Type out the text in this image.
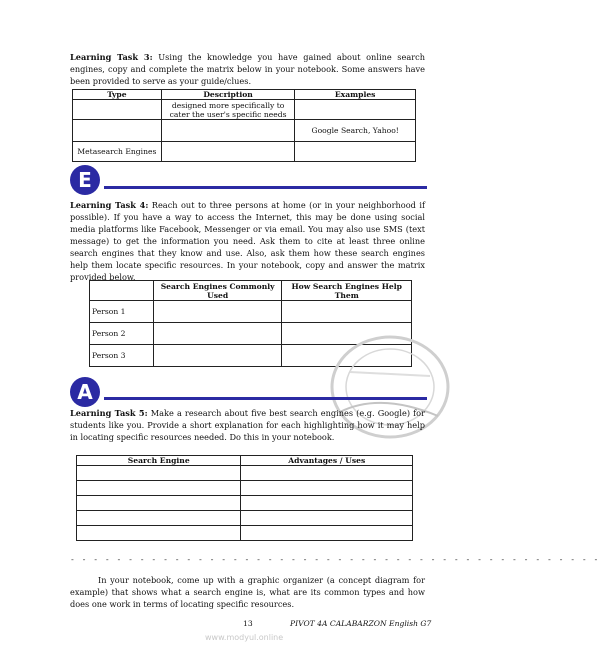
Learning Task 3: Using the knowledge you have gained about online search engines, copy and complete the matrix below in your notebook. Some answers have been provided to serve as your guide/clues.
Type	Description	Examples
	designed more specifically to cater the user's specific needs	
		Google Search, Yahoo!
Metasearch Engines		
E
Learning Task 4: Reach out to three persons at home (or in your neighborhood if possible). If you have a way to access the Internet, this may be done using social media platforms like Facebook, Messenger or via email. You may also use SMS (text message) to get the information you need. Ask them to cite at least three online search engines that they know and use. Also, ask them how these search engines help them locate specific resources. In your notebook, copy and answer the matrix provided below.
	Search Engines Commonly Used	How Search Engines Help Them
Person 1		
Person 2		
Person 3		
A
Learning Task 5: Make a research about five best search engines (e.g. Google) for students like you. Provide a short explanation for each highlighting how it may help in locating specific resources needed. Do this in your notebook.
Search Engine	Advantages / Uses

- - - - - - - - - - - - - - - - - - - - - - - - - - - - - - - - - - - - - - - - - - - - - -
In your notebook, come up with a graphic organizer (a concept diagram for example) that shows what a search engine is, what are its common types and how does one work in terms of locating specific resources.
13	PIVOT 4A CALABARZON English G7
www.modyul.online
